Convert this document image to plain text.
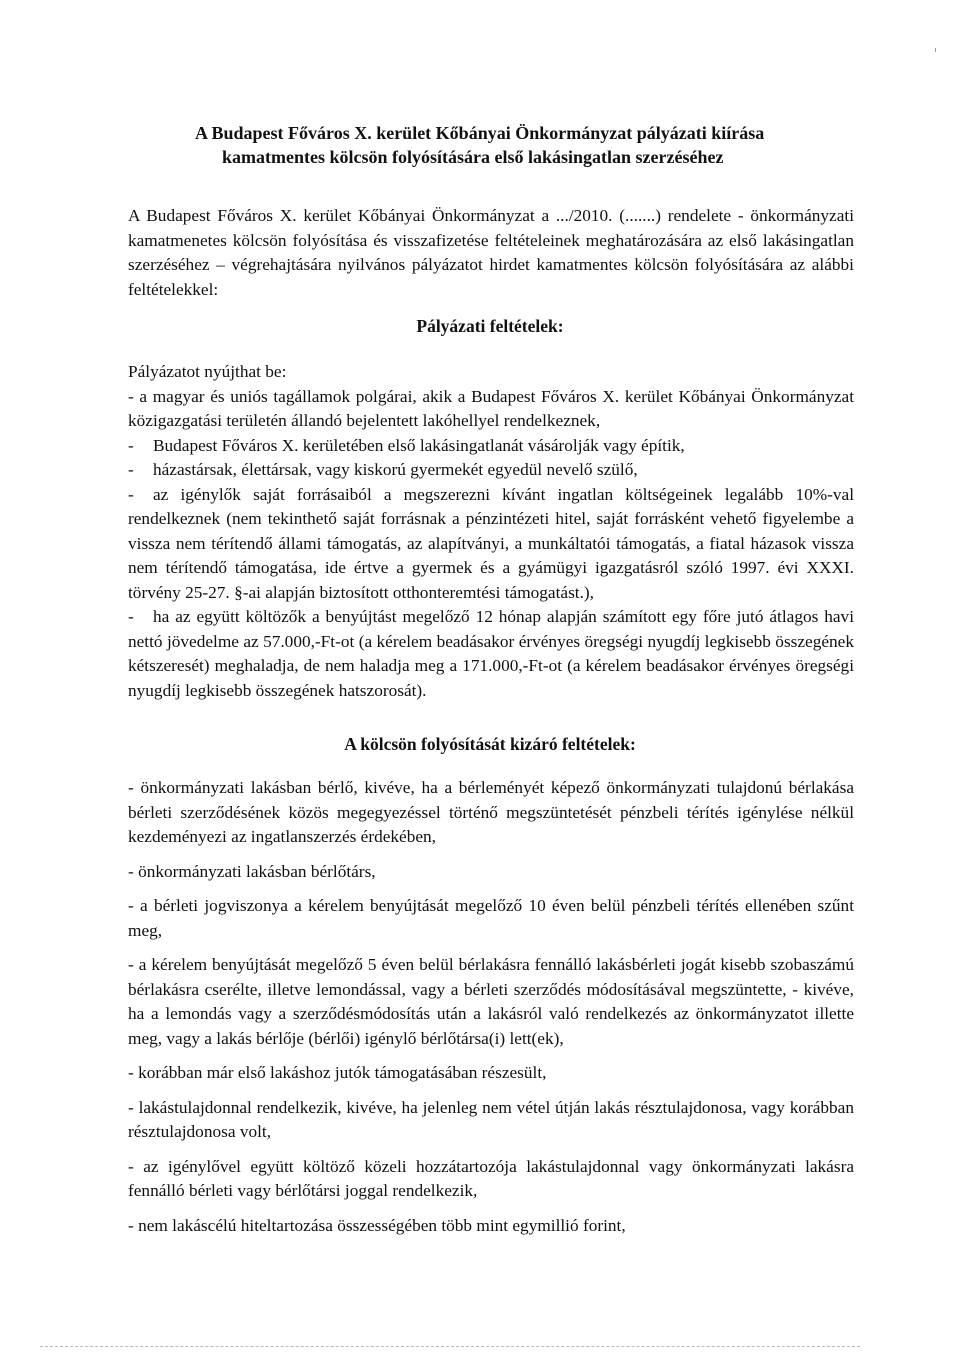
A Budapest Főváros X. kerület Kőbányai Önkormányzat pályázati kiírása
kamatmentes kölcsön folyósítására első lakásingatlan szerzéséhez

A Budapest Főváros X. kerület Kőbányai Önkormányzat a .../2010. (.......) rendelete - önkormányzati kamatmenetes kölcsön folyósítása és visszafizetése feltételeinek meghatározására az első lakásingatlan szerzéséhez – végrehajtására nyilvános pályázatot hirdet kamatmentes kölcsön folyósítására az alábbi feltételekkel:

Pályázati feltételek:

Pályázatot nyújthat be:

- a magyar és uniós tagállamok polgárai, akik a Budapest Főváros X. kerület Kőbányai Önkormányzat közigazgatási területén állandó bejelentett lakóhellyel rendelkeznek,

- Budapest Főváros X. kerületében első lakásingatlanát vásárolják vagy építik,

- házastársak, élettársak, vagy kiskorú gyermekét egyedül nevelő szülő,

- az igénylők saját forrásaiból a megszerezni kívánt ingatlan költségeinek legalább 10%-val rendelkeznek (nem tekinthető saját forrásnak a pénzintézeti hitel, saját forrásként vehető figyelembe a vissza nem térítendő állami támogatás, az alapítványi, a munkáltatói támogatás, a fiatal házasok vissza nem térítendő támogatása, ide értve a gyermek és a gyámügyi igazgatásról szóló 1997. évi XXXI. törvény 25-27. §-ai alapján biztosított otthonteremtési támogatást.),

- ha az együtt költözők a benyújtást megelőző 12 hónap alapján számított egy főre jutó átlagos havi nettó jövedelme az 57.000,-Ft-ot (a kérelem beadásakor érvényes öregségi nyugdíj legkisebb összegének kétszeresét) meghaladja, de nem haladja meg a 171.000,-Ft-ot (a kérelem beadásakor érvényes öregségi nyugdíj legkisebb összegének hatszorosát).

A kölcsön folyósítását kizáró feltételek:

- önkormányzati lakásban bérlő, kivéve, ha a bérleményét képező önkormányzati tulajdonú bérlakása bérleti szerződésének közös megegyezéssel történő megszüntetését pénzbeli térítés igénylése nélkül kezdeményezi az ingatlanszerzés érdekében,

- önkormányzati lakásban bérlőtárs,

- a bérleti jogviszonya a kérelem benyújtását megelőző 10 éven belül pénzbeli térítés ellenében szűnt meg,

- a kérelem benyújtását megelőző 5 éven belül bérlakásra fennálló lakásbérleti jogát kisebb szobaszámú bérlakásra cserélte, illetve lemondással, vagy a bérleti szerződés módosításával megszüntette, - kivéve, ha a lemondás vagy a szerződésmódosítás után a lakásról való rendelkezés az önkormányzatot illette meg, vagy a lakás bérlője (bérlői) igénylő bérlőtársa(i) lett(ek),

- korábban már első lakáshoz jutók támogatásában részesült,

- lakástulajdonnal rendelkezik, kivéve, ha jelenleg nem vétel útján lakás résztulajdonosa, vagy korábban résztulajdonosa volt,

- az igénylővel együtt költöző közeli hozzátartozója lakástulajdonnal vagy önkormányzati lakásra fennálló bérleti vagy bérlőtársi joggal rendelkezik,

- nem lakáscélú hiteltartozása összességében több mint egymillió forint,
